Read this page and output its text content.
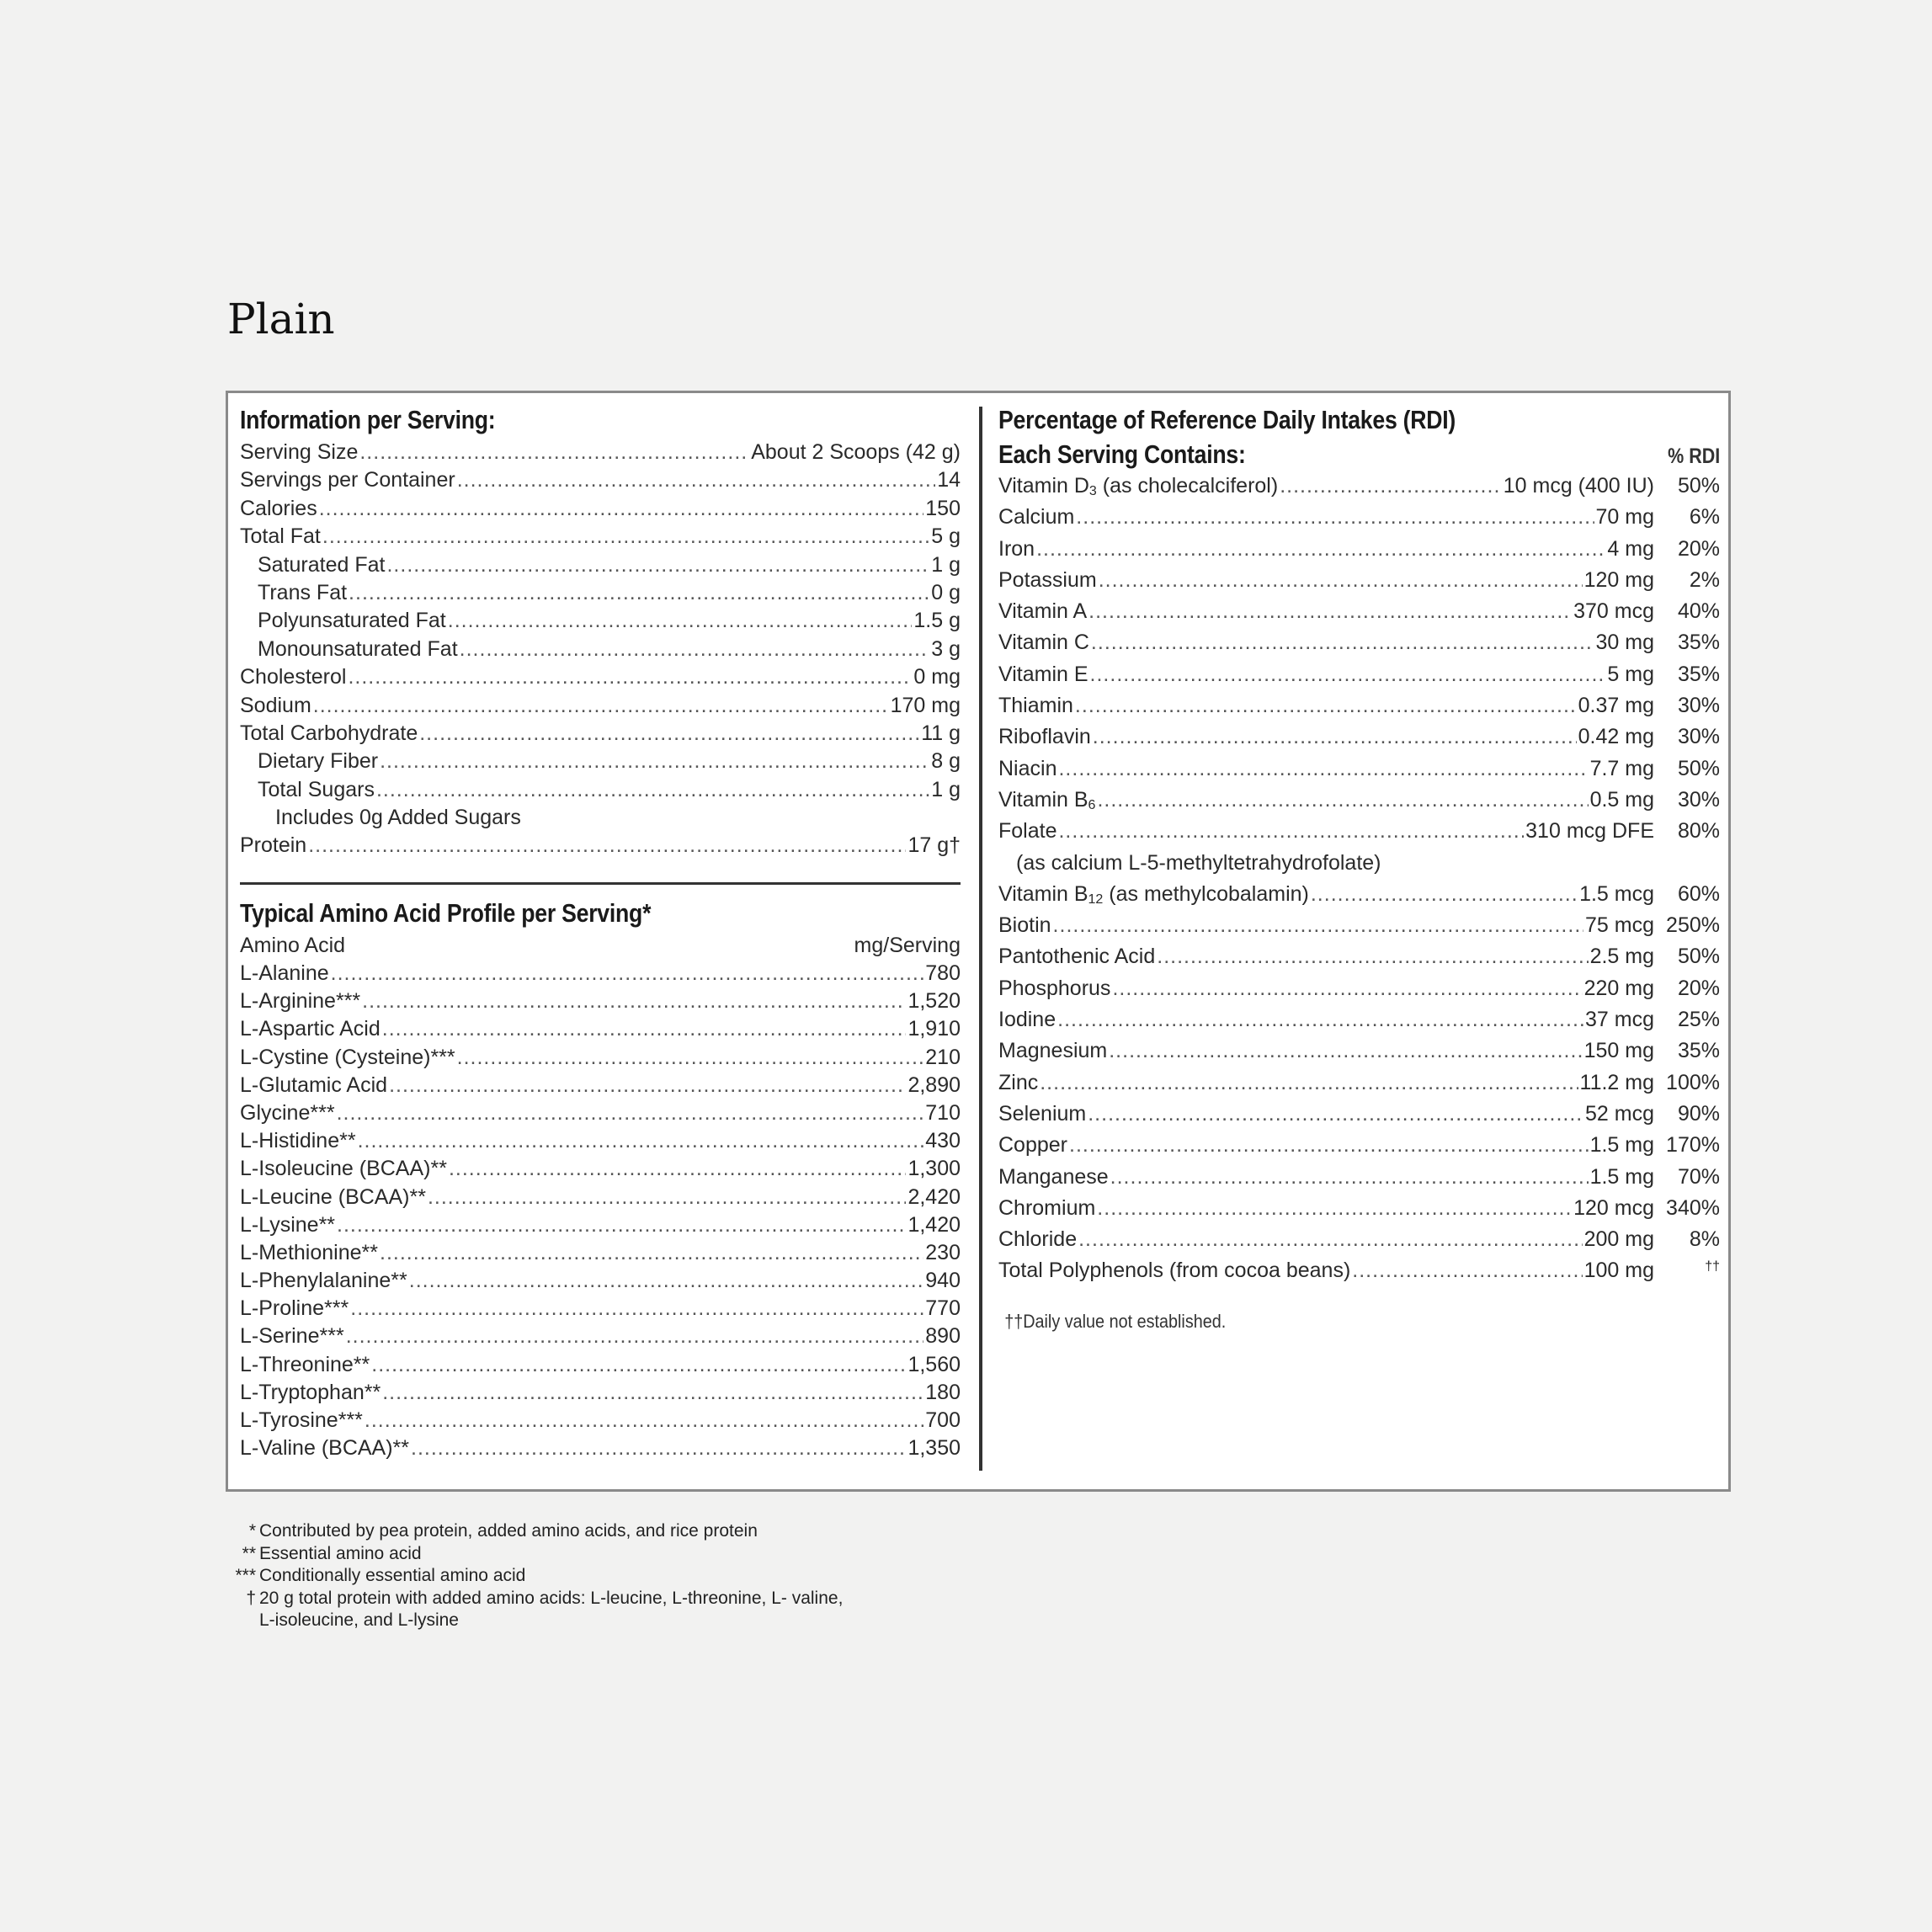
Plain
Information per Serving:
Serving Size .....	About 2 Scoops (42 g)
Servings per Container .....	14
Calories .....	150
Total Fat .....	5 g
Saturated Fat .....	1 g
Trans Fat .....	0 g
Polyunsaturated Fat .....	1.5 g
Monounsaturated Fat .....	3 g
Cholesterol .....	0 mg
Sodium .....	170 mg
Total Carbohydrate .....	11 g
Dietary Fiber .....	8 g
Total Sugars .....	1 g
Includes 0g Added Sugars
Protein .....	17 g†
Typical Amino Acid Profile per Serving*
Amino Acid	mg/Serving
L-Alanine .....	780
L-Arginine*** .....	1,520
L-Aspartic Acid .....	1,910
L-Cystine (Cysteine)*** .....	210
L-Glutamic Acid .....	2,890
Glycine*** .....	710
L-Histidine** .....	430
L-Isoleucine (BCAA)** .....	1,300
L-Leucine (BCAA)** .....	2,420
L-Lysine** .....	1,420
L-Methionine** .....	230
L-Phenylalanine** .....	940
L-Proline*** .....	770
L-Serine*** .....	890
L-Threonine** .....	1,560
L-Tryptophan** .....	180
L-Tyrosine*** .....	700
L-Valine (BCAA)** .....	1,350
Percentage of Reference Daily Intakes (RDI)
Each Serving Contains:	% RDI
Vitamin $D_3$ (as cholecalciferol) .....	10 mcg (400 IU)	50%
Calcium .....	70 mg	6%
Iron .....	4 mg	20%
Potassium .....	120 mg	2%
Vitamin A .....	370 mcg	40%
Vitamin C .....	30 mg	35%
Vitamin E .....	5 mg	35%
Thiamin .....	0.37 mg	30%
Riboflavin .....	0.42 mg	30%
Niacin .....	7.7 mg	50%
Vitamin $B_6$ .....	0.5 mg	30%
Folate .....	310 mcg DFE	80%
(as calcium L-5-methyltetrahydrofolate)
Vitamin $B_{12}$ (as methylcobalamin) .....	1.5 mcg	60%
Biotin .....	75 mcg 250%
Pantothenic Acid .....	2.5 mg	50%
Phosphorus .....	220 mg	20%
Iodine .....	37 mcg	25%
Magnesium .....	150 mg	35%
Zinc .....	11.2 mg 100%
Selenium .....	52 mcg	90%
Copper .....	1.5 mg 170%
Manganese .....	1.5 mg	70%
Chromium .....	120 mcg 340%
Chloride .....	200 mg	8%
Total Polyphenols (from cocoa beans) .....	100 mg	††
††Daily value not established.
* Contributed by pea protein, added amino acids, and rice protein
** Essential amino acid
*** Conditionally essential amino acid
† 20 g total protein with added amino acids: L-leucine, L-threonine, L- valine,
L-isoleucine, and L-lysine
